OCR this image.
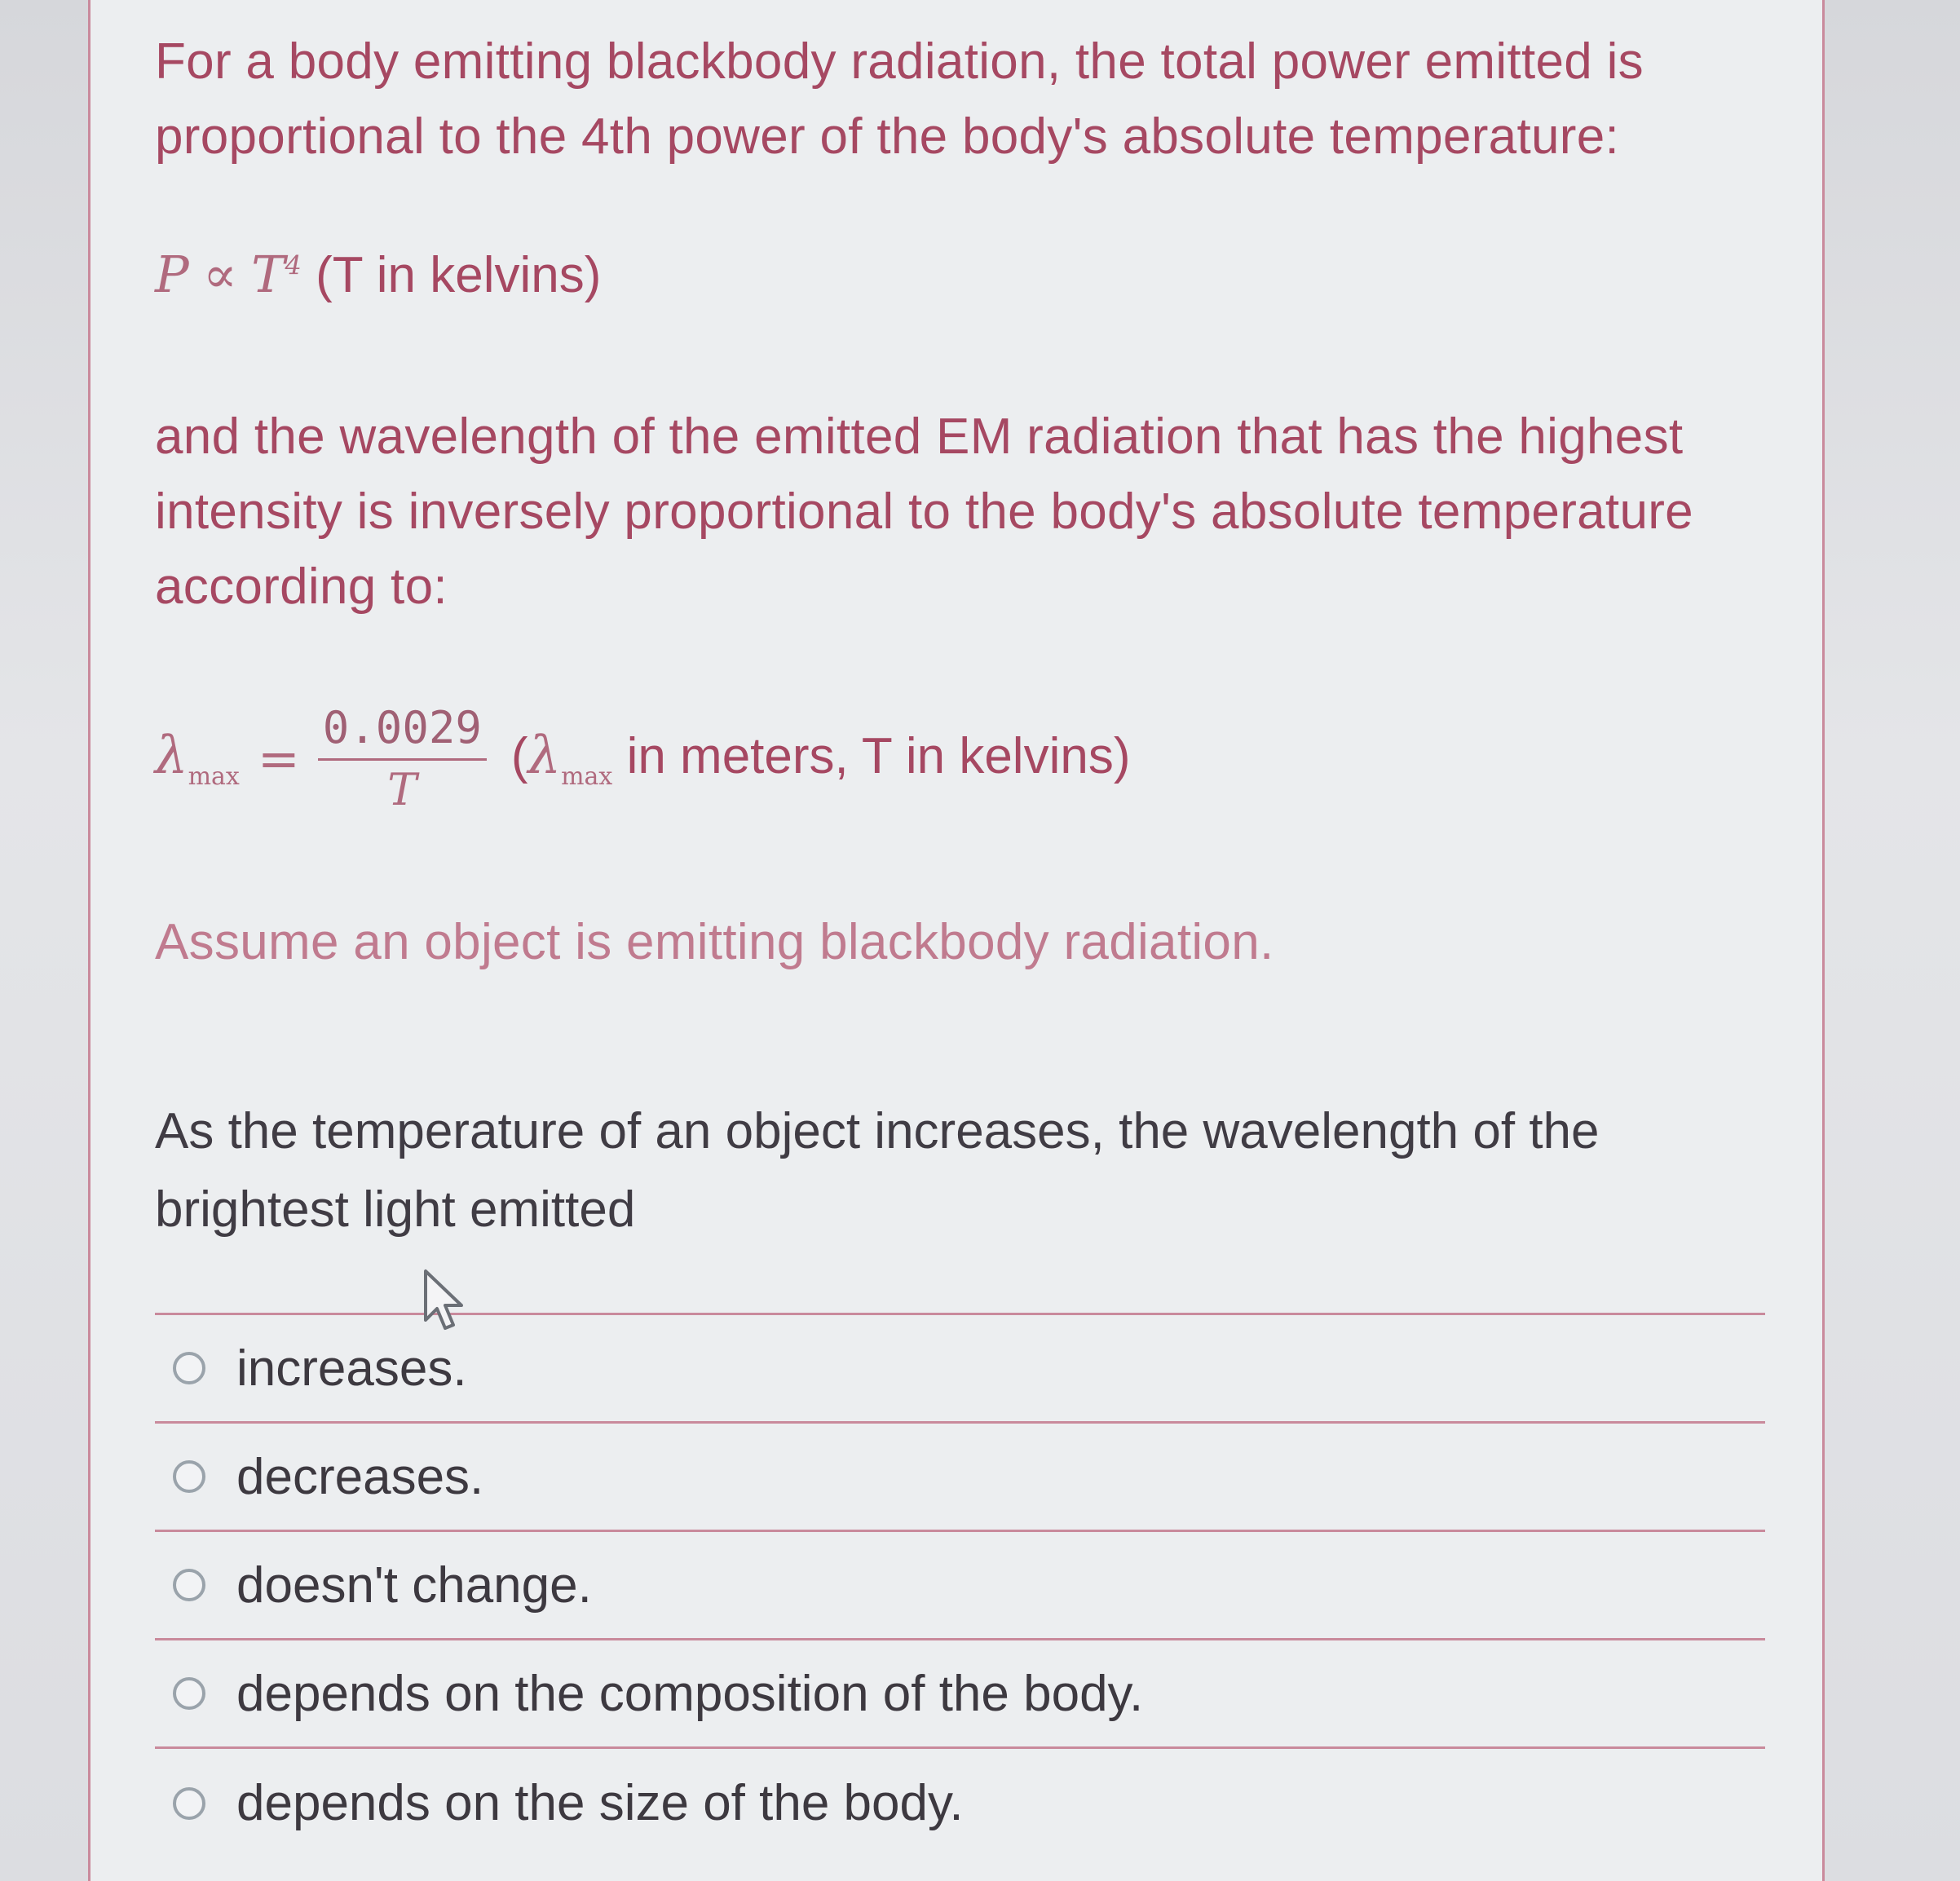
For a body emitting blackbody radiation, the total power emitted is proportional to the 4th power of the body's absolute temperature:
$P \propto T^4$ (T in kelvins)
and the wavelength of the emitted EM radiation that has the highest intensity is inversely proportional to the body's absolute temperature according to:
$\lambda_{max} = \frac{0.0029}{T} (\lambda_{max}$ in meters, T in kelvins)
Assume an object is emitting blackbody radiation.
As the temperature of an object increases, the wavelength of the brightest light emitted
increases.
decreases.
doesn't change.
depends on the composition of the body.
depends on the size of the body.
